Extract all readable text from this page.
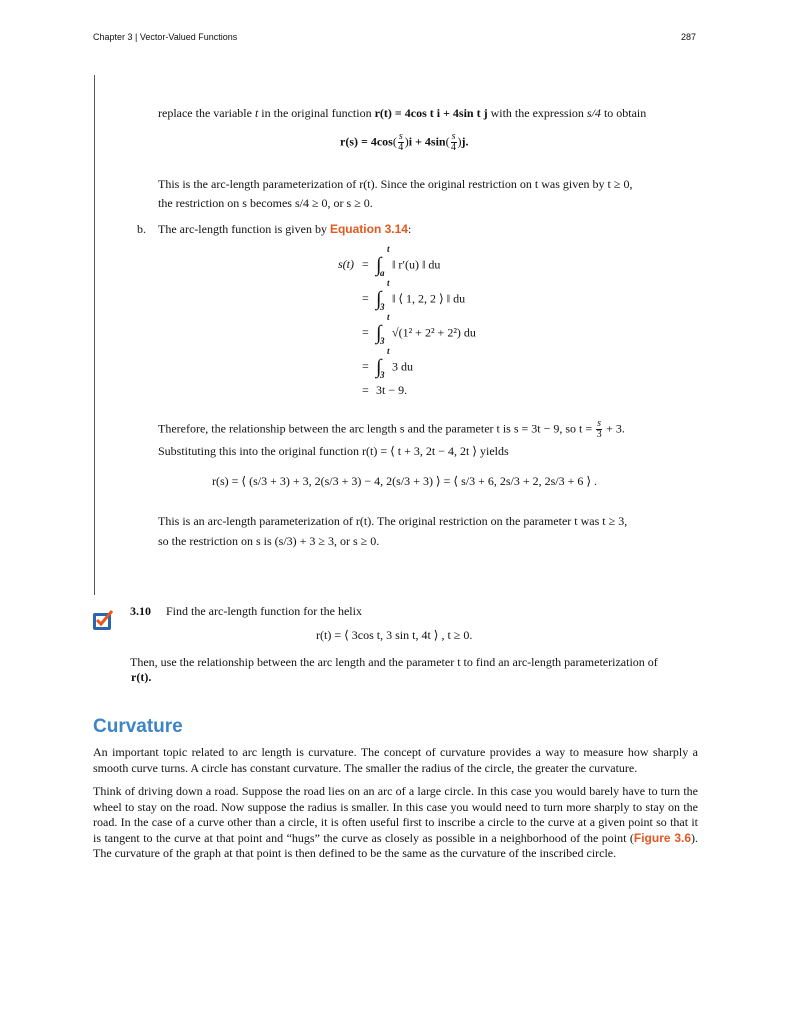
Chapter 3 | Vector-Valued Functions	287
replace the variable t in the original function r(t) = 4cos t i + 4sin t j with the expression s/4 to obtain
$r(s) = 4\cos( \frac{s}{4} )i + 4\sin( \frac{s}{4} )j$.
This is the arc-length parameterization of r(t). Since the original restriction on t was given by t ≥ 0,
the restriction on s becomes s/4 ≥ 0, or s ≥ 0.
b. The arc-length function is given by Equation 3.14:
s(t) = ∫
t
a
‖ r′(u) ‖ du
= ∫
t
3
‖ ⟨ 1, 2, 2 ⟩ ‖ du
= ∫
t
3
√(1² + 2² + 2²) du
= ∫
t
3
3 du
= 3t − 9.
Therefore, the relationship between the arc length s and the parameter t is s = 3t − 9, so $t = \frac{s}{3} + 3$.
Substituting this into the original function r(t) = ⟨ t + 3, 2t − 4, 2t ⟩ yields
r(s) = ⟨ (s/3 + 3) + 3, 2(s/3 + 3) − 4, 2(s/3 + 3) ⟩ = ⟨ s/3 + 6, 2s/3 + 2, 2s/3 + 6 ⟩ .
This is an arc-length parameterization of r(t). The original restriction on the parameter t was t ≥ 3,
so the restriction on s is (s/3) + 3 ≥ 3, or s ≥ 0.
3.10 Find the arc-length function for the helix
r(t) = ⟨ 3cos t, 3 sin t, 4t ⟩ , t ≥ 0.
Then, use the relationship between the arc length and the parameter t to find an arc-length parameterization of
r(t).
Curvature
An important topic related to arc length is curvature. The concept of curvature provides a way to measure how sharply a smooth curve turns. A circle has constant curvature. The smaller the radius of the circle, the greater the curvature.
Think of driving down a road. Suppose the road lies on an arc of a large circle. In this case you would barely have to turn the wheel to stay on the road. Now suppose the radius is smaller. In this case you would need to turn more sharply to stay on the road. In the case of a curve other than a circle, it is often useful first to inscribe a circle to the curve at a given point so that it is tangent to the curve at that point and “hugs” the curve as closely as possible in a neighborhood of the point (Figure 3.6). The curvature of the graph at that point is then defined to be the same as the curvature of the inscribed circle.
